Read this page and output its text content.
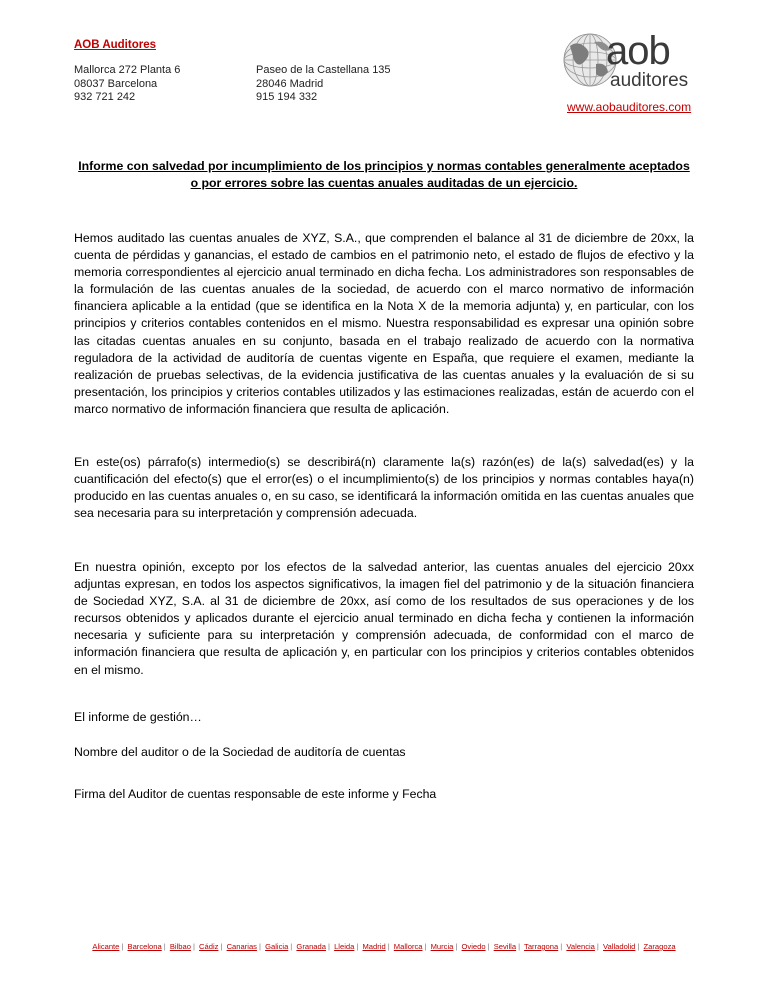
AOB Auditores
Mallorca 272 Planta 6
08037 Barcelona
932 721 242
Paseo de la Castellana 135
28046 Madrid
915 194 332
aob
auditores
www.aobauditores.com
Informe con salvedad por incumplimiento de los principios y normas contables generalmente aceptados o por errores sobre las cuentas anuales auditadas de un ejercicio.

Hemos auditado las cuentas anuales de XYZ, S.A., que comprenden el balance al 31 de diciembre de 20xx, la cuenta de pérdidas y ganancias, el estado de cambios en el patrimonio neto, el estado de flujos de efectivo y la memoria correspondientes al ejercicio anual terminado en dicha fecha. Los administradores son responsables de la formulación de las cuentas anuales de la sociedad, de acuerdo con el marco normativo de información financiera aplicable a la entidad (que se identifica en la Nota X de la memoria adjunta) y, en particular, con los principios y criterios contables contenidos en el mismo. Nuestra responsabilidad es expresar una opinión sobre las citadas cuentas anuales en su conjunto, basada en el trabajo realizado de acuerdo con la normativa reguladora de la actividad de auditoría de cuentas vigente en España, que requiere el examen, mediante la realización de pruebas selectivas, de la evidencia justificativa de las cuentas anuales y la evaluación de si su presentación, los principios y criterios contables utilizados y las estimaciones realizadas, están de acuerdo con el marco normativo de información financiera que resulta de aplicación.

En este(os) párrafo(s) intermedio(s) se describirá(n) claramente la(s) razón(es) de la(s) salvedad(es) y la cuantificación del efecto(s) que el error(es) o el incumplimiento(s) de los principios y normas contables haya(n) producido en las cuentas anuales o, en su caso, se identificará la información omitida en las cuentas anuales que sea necesaria para su interpretación y comprensión adecuada.

En nuestra opinión, excepto por los efectos de la salvedad anterior, las cuentas anuales del ejercicio 20xx adjuntas expresan, en todos los aspectos significativos, la imagen fiel del patrimonio y de la situación financiera de Sociedad XYZ, S.A. al 31 de diciembre de 20xx, así como de los resultados de sus operaciones y de los recursos obtenidos y aplicados durante el ejercicio anual terminado en dicha fecha y contienen la información necesaria y suficiente para su interpretación y comprensión adecuada, de conformidad con el marco de información financiera que resulta de aplicación y, en particular con los principios y criterios contables obtenidos en el mismo.

El informe de gestión…
Nombre del auditor o de la Sociedad de auditoría de cuentas
Firma del Auditor de cuentas responsable de este informe y Fecha
Alicante | Barcelona | Bilbao | Cádiz | Canarias | Galicia | Granada | Lleida | Madrid | Mallorca | Murcia | Oviedo | Sevilla | Tarragona | Valencia | Valladolid | Zaragoza
